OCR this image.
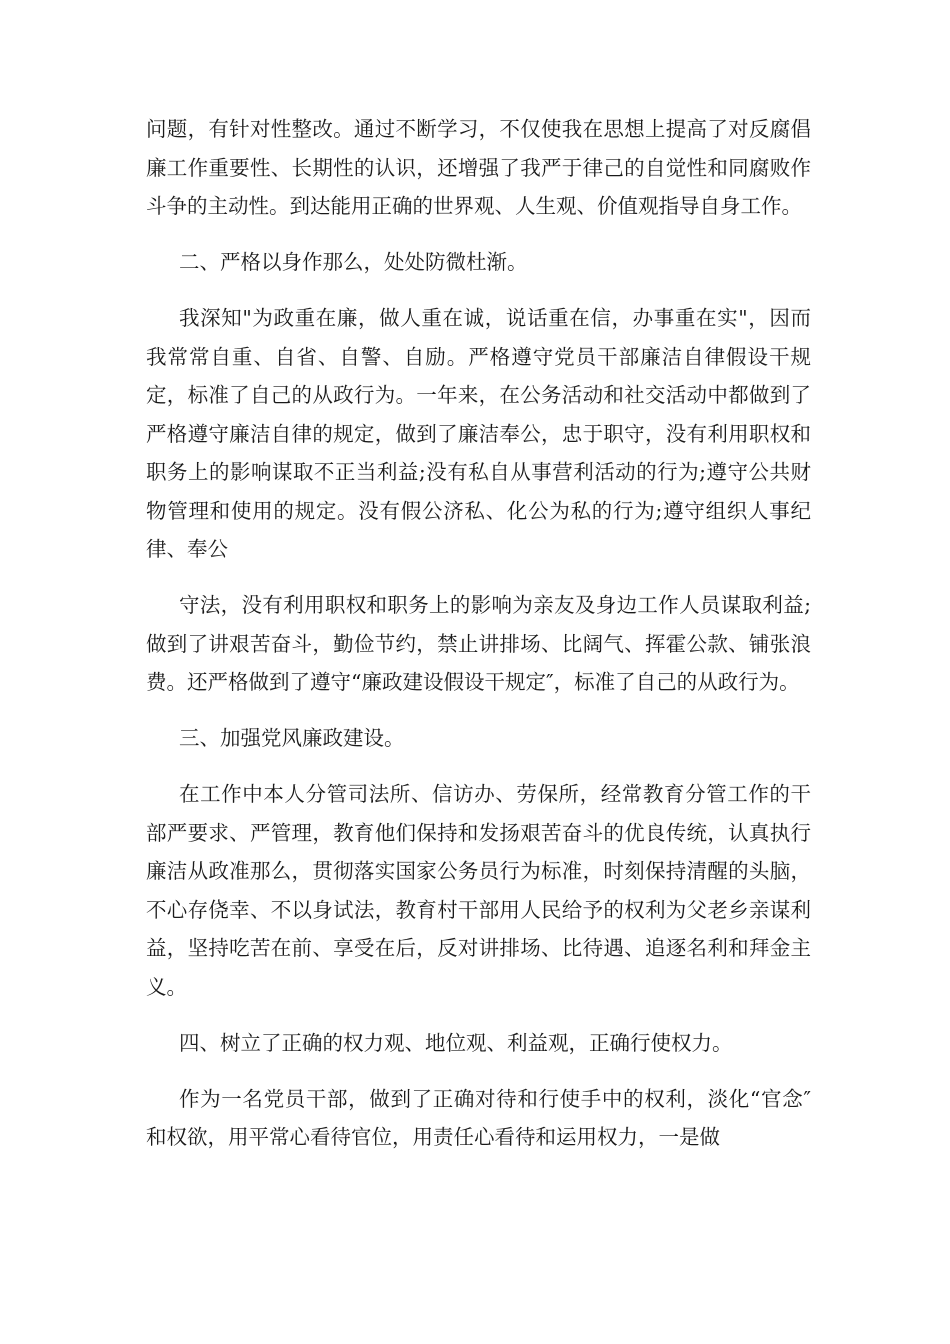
问题，有针对性整改。通过不断学习，不仅使我在思想上提高了对反腐倡廉工作重要性、长期性的认识，还增强了我严于律己的自觉性和同腐败作斗争的主动性。到达能用正确的世界观、人生观、价值观指导自身工作。

二、严格以身作那么，处处防微杜渐。

我深知"为政重在廉，做人重在诚，说话重在信，办事重在实"，因而我常常自重、自省、自警、自励。严格遵守党员干部廉洁自律假设干规定，标准了自己的从政行为。一年来，在公务活动和社交活动中都做到了严格遵守廉洁自律的规定，做到了廉洁奉公，忠于职守，没有利用职权和职务上的影响谋取不正当利益;没有私自从事营利活动的行为;遵守公共财物管理和使用的规定。没有假公济私、化公为私的行为;遵守组织人事纪律、奉公

守法，没有利用职权和职务上的影响为亲友及身边工作人员谋取利益;做到了讲艰苦奋斗，勤俭节约，禁止讲排场、比阔气、挥霍公款、铺张浪费。还严格做到了遵守“廉政建设假设干规定″，标准了自己的从政行为。

三、加强党风廉政建设。

在工作中本人分管司法所、信访办、劳保所，经常教育分管工作的干部严要求、严管理，教育他们保持和发扬艰苦奋斗的优良传统，认真执行廉洁从政准那么，贯彻落实国家公务员行为标准，时刻保持清醒的头脑，不心存侥幸、不以身试法，教育村干部用人民给予的权利为父老乡亲谋利益，坚持吃苦在前、享受在后，反对讲排场、比待遇、追逐名利和拜金主义。

四、树立了正确的权力观、地位观、利益观，正确行使权力。

作为一名党员干部，做到了正确对待和行使手中的权利，淡化“官念″和权欲，用平常心看待官位，用责任心看待和运用权力，一是做
